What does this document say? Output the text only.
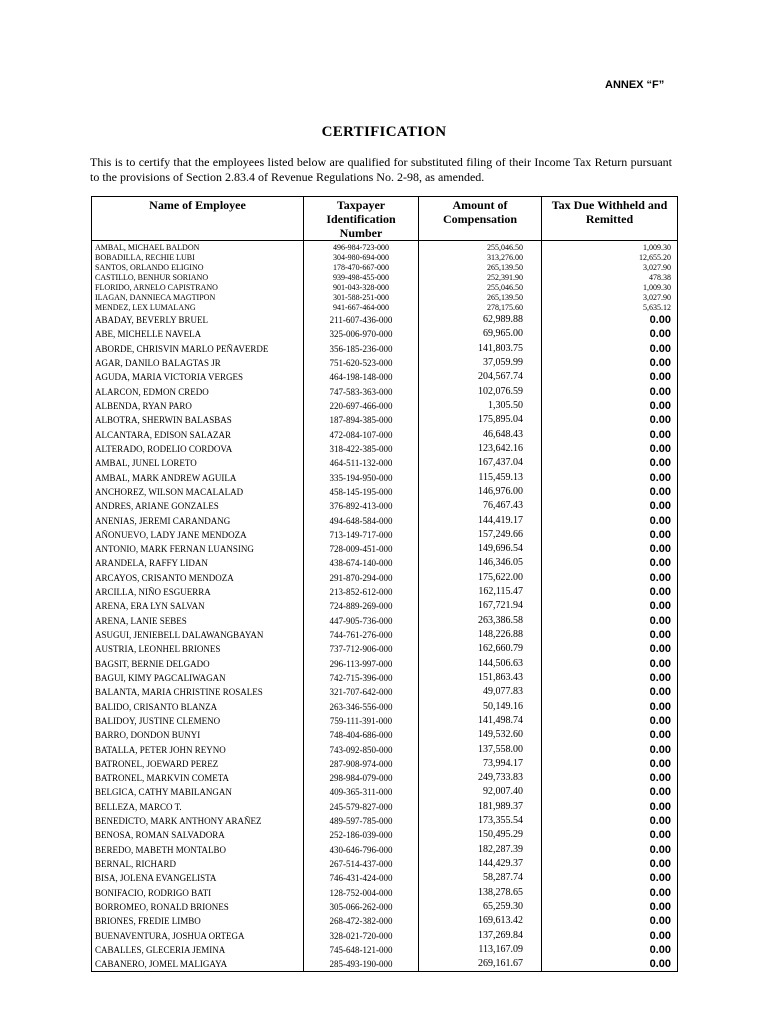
ANNEX “F”
CERTIFICATION
This is to certify that the employees listed below are qualified for substituted filing of their Income Tax Return pursuant to the provisions of Section 2.83.4 of Revenue Regulations No. 2-98, as amended.
Name of Employee	Taxpayer Identification Number	Amount of Compensation	Tax Due Withheld and Remitted
AMBAL, MICHAEL BALDON	496-984-723-000	255,046.50	1,009.30
BOBADILLA, RECHIE LUBI	304-980-694-000	313,276.00	12,655.20
SANTOS, ORLANDO ELIGINO	178-470-667-000	265,139.50	3,027.90
CASTILLO, BENHUR SORIANO	939-498-455-000	252,391.90	478.38
FLORIDO, ARNELO CAPISTRANO	901-043-328-000	255,046.50	1,009.30
ILAGAN, DANNIECA MAGTIPON	301-588-251-000	265,139.50	3,027.90
MENDEZ, LEX LUMALANG	941-667-464-000	278,175.60	5,635.12
ABADAY, BEVERLY BRUEL	211-607-436-000	62,989.88	0.00
ABE, MICHELLE NAVELA	325-006-970-000	69,965.00	0.00
ABORDE, CHRISVIN MARLO PEÑAVERDE	356-185-236-000	141,803.75	0.00
AGAR, DANILO BALAGTAS JR	751-620-523-000	37,059.99	0.00
AGUDA, MARIA VICTORIA VERGES	464-198-148-000	204,567.74	0.00
ALARCON, EDMON CREDO	747-583-363-000	102,076.59	0.00
ALBENDA, RYAN PARO	220-697-466-000	1,305.50	0.00
ALBOTRA, SHERWIN BALASBAS	187-894-385-000	175,895.04	0.00
ALCANTARA, EDISON SALAZAR	472-084-107-000	46,648.43	0.00
ALTERADO, RODELIO CORDOVA	318-422-385-000	123,642.16	0.00
AMBAL, JUNEL LORETO	464-511-132-000	167,437.04	0.00
AMBAL, MARK ANDREW AGUILA	335-194-950-000	115,459.13	0.00
ANCHOREZ, WILSON MACALALAD	458-145-195-000	146,976.00	0.00
ANDRES, ARIANE GONZALES	376-892-413-000	76,467.43	0.00
ANENIAS, JEREMI CARANDANG	494-648-584-000	144,419.17	0.00
AÑONUEVO, LADY JANE MENDOZA	713-149-717-000	157,249.66	0.00
ANTONIO, MARK FERNAN LUANSING	728-009-451-000	149,696.54	0.00
ARANDELA, RAFFY LIDAN	438-674-140-000	146,346.05	0.00
ARCAYOS, CRISANTO MENDOZA	291-870-294-000	175,622.00	0.00
ARCILLA, NIÑO ESGUERRA	213-852-612-000	162,115.47	0.00
ARENA, ERA LYN SALVAN	724-889-269-000	167,721.94	0.00
ARENA, LANIE SEBES	447-905-736-000	263,386.58	0.00
ASUGUI, JENIEBELL DALAWANGBAYAN	744-761-276-000	148,226.88	0.00
AUSTRIA, LEONHEL BRIONES	737-712-906-000	162,660.79	0.00
BAGSIT, BERNIE DELGADO	296-113-997-000	144,506.63	0.00
BAGUI, KIMY PAGCALIWAGAN	742-715-396-000	151,863.43	0.00
BALANTA, MARIA CHRISTINE ROSALES	321-707-642-000	49,077.83	0.00
BALIDO, CRISANTO BLANZA	263-346-556-000	50,149.16	0.00
BALIDOY, JUSTINE CLEMENO	759-111-391-000	141,498.74	0.00
BARRO, DONDON BUNYI	748-404-686-000	149,532.60	0.00
BATALLA, PETER JOHN REYNO	743-092-850-000	137,558.00	0.00
BATRONEL, JOEWARD PEREZ	287-908-974-000	73,994.17	0.00
BATRONEL, MARKVIN COMETA	298-984-079-000	249,733.83	0.00
BELGICA, CATHY MABILANGAN	409-365-311-000	92,007.40	0.00
BELLEZA, MARCO T.	245-579-827-000	181,989.37	0.00
BENEDICTO, MARK ANTHONY ARAÑEZ	489-597-785-000	173,355.54	0.00
BENOSA, ROMAN SALVADORA	252-186-039-000	150,495.29	0.00
BEREDO, MABETH MONTALBO	430-646-796-000	182,287.39	0.00
BERNAL, RICHARD	267-514-437-000	144,429.37	0.00
BISA, JOLENA EVANGELISTA	746-431-424-000	58,287.74	0.00
BONIFACIO, RODRIGO BATI	128-752-004-000	138,278.65	0.00
BORROMEO, RONALD BRIONES	305-066-262-000	65,259.30	0.00
BRIONES, FREDIE LIMBO	268-472-382-000	169,613.42	0.00
BUENAVENTURA, JOSHUA ORTEGA	328-021-720-000	137,269.84	0.00
CABALLES, GLECERIA JEMINA	745-648-121-000	113,167.09	0.00
CABANERO, JOMEL MALIGAYA	285-493-190-000	269,161.67	0.00
